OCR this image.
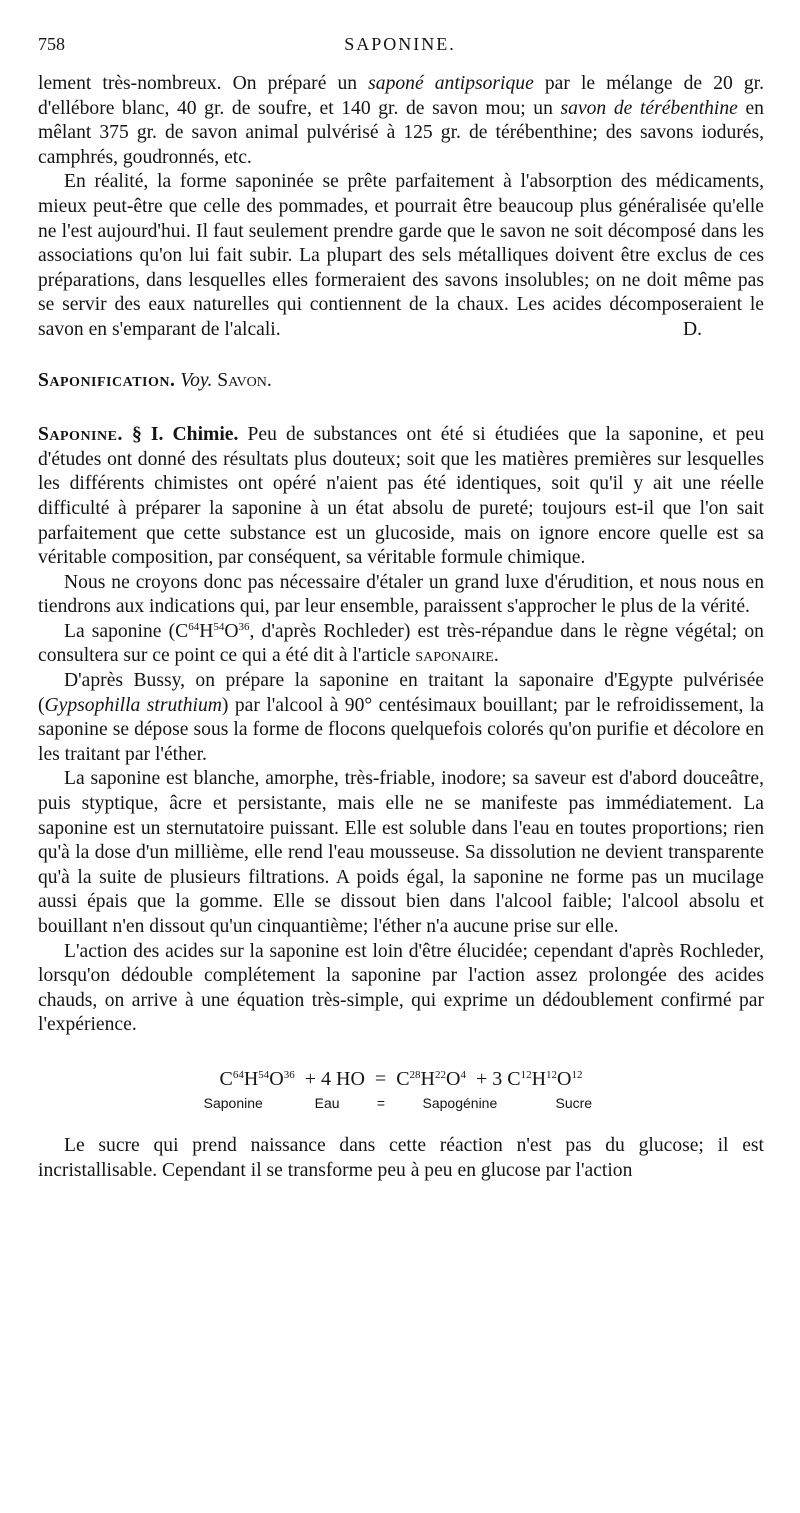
758	SAPONINE.

lement très-nombreux. On préparé un saponé antipsorique par le mélange de 20 gr. d'ellébore blanc, 40 gr. de soufre, et 140 gr. de savon mou; un savon de térébenthine en mêlant 375 gr. de savon animal pulvérisé à 125 gr. de térébenthine; des savons iodurés, camphrés, goudronnés, etc.

En réalité, la forme saponinée se prête parfaitement à l'absorption des médicaments, mieux peut-être que celle des pommades, et pourrait être beaucoup plus généralisée qu'elle ne l'est aujourd'hui. Il faut seulement prendre garde que le savon ne soit décomposé dans les associations qu'on lui fait subir. La plupart des sels métalliques doivent être exclus de ces préparations, dans lesquelles elles formeraient des savons insolubles; on ne doit même pas se servir des eaux naturelles qui contiennent de la chaux. Les acides décomposeraient le savon en s'emparant de l'alcali.	D.

Saponification. Voy. Savon.

Saponine. § I. Chimie. Peu de substances ont été si étudiées que la saponine, et peu d'études ont donné des résultats plus douteux; soit que les matières premières sur lesquelles les différents chimistes ont opéré n'aient pas été identiques, soit qu'il y ait une réelle difficulté à préparer la saponine à un état absolu de pureté; toujours est-il que l'on sait parfaitement que cette substance est un glucoside, mais on ignore encore quelle est sa véritable composition, par conséquent, sa véritable formule chimique.

Nous ne croyons donc pas nécessaire d'étaler un grand luxe d'érudition, et nous nous en tiendrons aux indications qui, par leur ensemble, paraissent s'approcher le plus de la vérité.

La saponine ($C^{64}H^{54}O^{36}$, d'après Rochleder) est très-répandue dans le règne végétal; on consultera sur ce point ce qui a été dit à l'article saponaire.

D'après Bussy, on prépare la saponine en traitant la saponaire d'Egypte pulvérisée (Gypsophilla struthium) par l'alcool à 90° centésimaux bouillant; par le refroidissement, la saponine se dépose sous la forme de flocons quelquefois colorés qu'on purifie et décolore en les traitant par l'éther.

La saponine est blanche, amorphe, très-friable, inodore; sa saveur est d'abord douceâtre, puis styptique, âcre et persistante, mais elle ne se manifeste pas immédiatement. La saponine est un sternutatoire puissant. Elle est soluble dans l'eau en toutes proportions; rien qu'à la dose d'un millième, elle rend l'eau mousseuse. Sa dissolution ne devient transparente qu'à la suite de plusieurs filtrations. A poids égal, la saponine ne forme pas un mucilage aussi épais que la gomme. Elle se dissout bien dans l'alcool faible; l'alcool absolu et bouillant n'en dissout qu'un cinquantième; l'éther n'a aucune prise sur elle.

L'action des acides sur la saponine est loin d'être élucidée; cependant d'après Rochleder, lorsqu'on dédouble complétement la saponine par l'action assez prolongée des acides chauds, on arrive à une équation très-simple, qui exprime un dédoublement confirmé par l'expérience.

$C^{64}H^{54}O^{36} + 4$ HO = $C^{28}H^{22}O^4 + 3$ $C^{12}H^{12}O^{12}$
Saponine	Eau	=	Sapogénine	Sucre

Le sucre qui prend naissance dans cette réaction n'est pas du glucose; il est incristallisable. Cependant il se transforme peu à peu en glucose par l'action
